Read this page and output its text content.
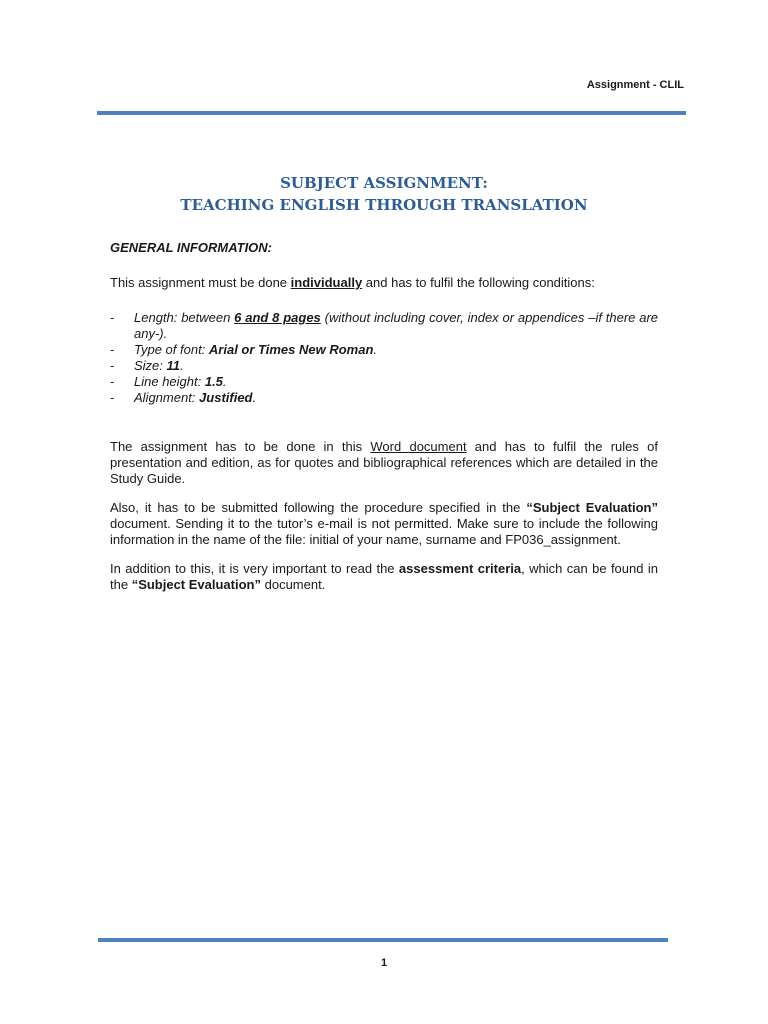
Assignment - CLIL
SUBJECT ASSIGNMENT:
TEACHING ENGLISH THROUGH TRANSLATION
GENERAL INFORMATION:

This assignment must be done individually and has to fulfil the following conditions:

- Length: between 6 and 8 pages (without including cover, index or appendices –if there are any-).
- Type of font: Arial or Times New Roman.
- Size: 11.
- Line height: 1.5.
- Alignment: Justified.

The assignment has to be done in this Word document and has to fulfil the rules of presentation and edition, as for quotes and bibliographical references which are detailed in the Study Guide.

Also, it has to be submitted following the procedure specified in the “Subject Evaluation” document. Sending it to the tutor’s e-mail is not permitted. Make sure to include the following information in the name of the file: initial of your name, surname and FP036_assignment.

In addition to this, it is very important to read the assessment criteria, which can be found in the “Subject Evaluation” document.

1
